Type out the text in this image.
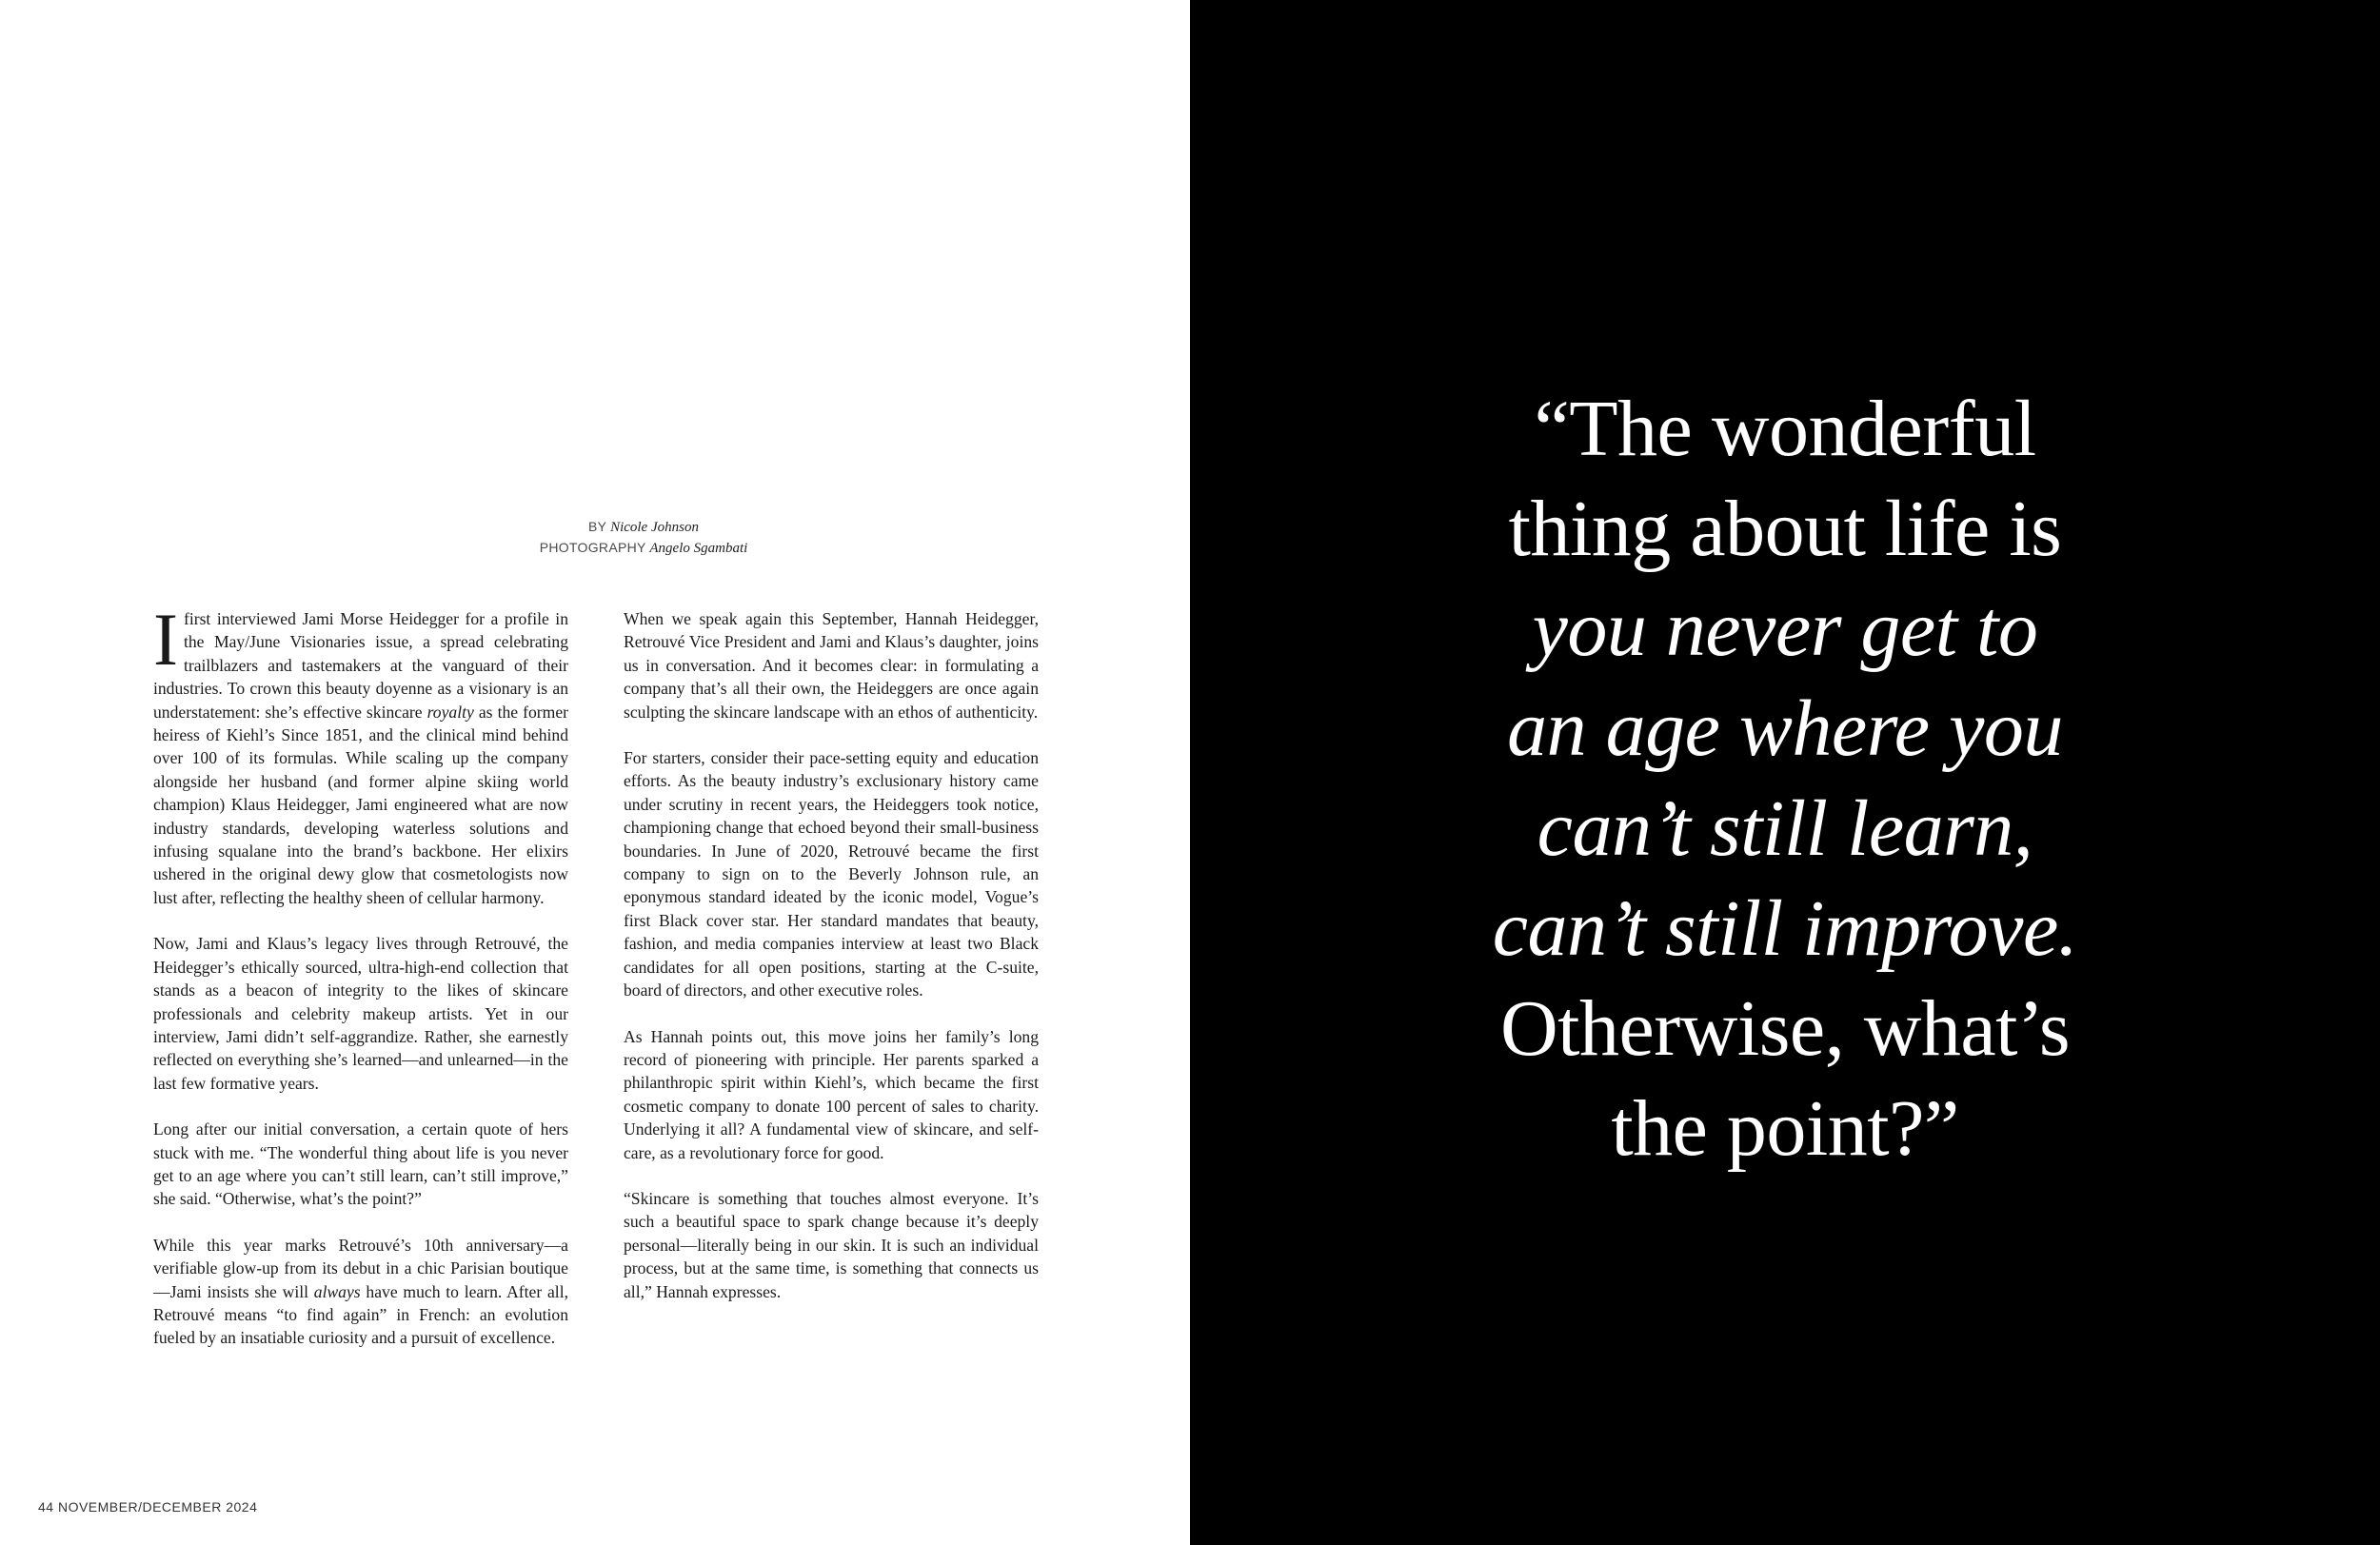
BY Nicole Johnson
PHOTOGRAPHY Angelo Sgambati

I first interviewed Jami Morse Heidegger for a profile in the May/June Visionaries issue, a spread celebrating trailblazers and tastemakers at the vanguard of their industries. To crown this beauty doyenne as a visionary is an understatement: she’s effective skincare royalty as the former heiress of Kiehl’s Since 1851, and the clinical mind behind over 100 of its formulas. While scaling up the company alongside her husband (and former alpine skiing world champion) Klaus Heidegger, Jami engineered what are now industry standards, developing waterless solutions and infusing squalane into the brand’s backbone. Her elixirs ushered in the original dewy glow that cosmetologists now lust after, reflecting the healthy sheen of cellular harmony.

Now, Jami and Klaus’s legacy lives through Retrouvé, the Heidegger’s ethically sourced, ultra-high-end collection that stands as a beacon of integrity to the likes of skincare professionals and celebrity makeup artists. Yet in our interview, Jami didn’t self-aggrandize. Rather, she earnestly reflected on everything she’s learned—and unlearned—in the last few formative years.

Long after our initial conversation, a certain quote of hers stuck with me. “The wonderful thing about life is you never get to an age where you can’t still learn, can’t still improve,” she said. “Otherwise, what’s the point?”

While this year marks Retrouvé’s 10th anniversary—a verifiable glow-up from its debut in a chic Parisian boutique—Jami insists she will always have much to learn. After all, Retrouvé means “to find again” in French: an evolution fueled by an insatiable curiosity and a pursuit of excellence.

When we speak again this September, Hannah Heidegger, Retrouvé Vice President and Jami and Klaus’s daughter, joins us in conversation. And it becomes clear: in formulating a company that’s all their own, the Heideggers are once again sculpting the skincare landscape with an ethos of authenticity.

For starters, consider their pace-setting equity and education efforts. As the beauty industry’s exclusionary history came under scrutiny in recent years, the Heideggers took notice, championing change that echoed beyond their small-business boundaries. In June of 2020, Retrouvé became the first company to sign on to the Beverly Johnson rule, an eponymous standard ideated by the iconic model, Vogue’s first Black cover star. Her standard mandates that beauty, fashion, and media companies interview at least two Black candidates for all open positions, starting at the C-suite, board of directors, and other executive roles.

As Hannah points out, this move joins her family’s long record of pioneering with principle. Her parents sparked a philanthropic spirit within Kiehl’s, which became the first cosmetic company to donate 100 percent of sales to charity. Underlying it all? A fundamental view of skincare, and self-care, as a revolutionary force for good.

“Skincare is something that touches almost everyone. It’s such a beautiful space to spark change because it’s deeply personal—literally being in our skin. It is such an individual process, but at the same time, is something that connects us all,” Hannah expresses.

44 NOVEMBER/DECEMBER 2024
“The wonderful
thing about life is
you never get to
an age where you
can’t still learn,
can’t still improve.
Otherwise, what’s
the point?”
